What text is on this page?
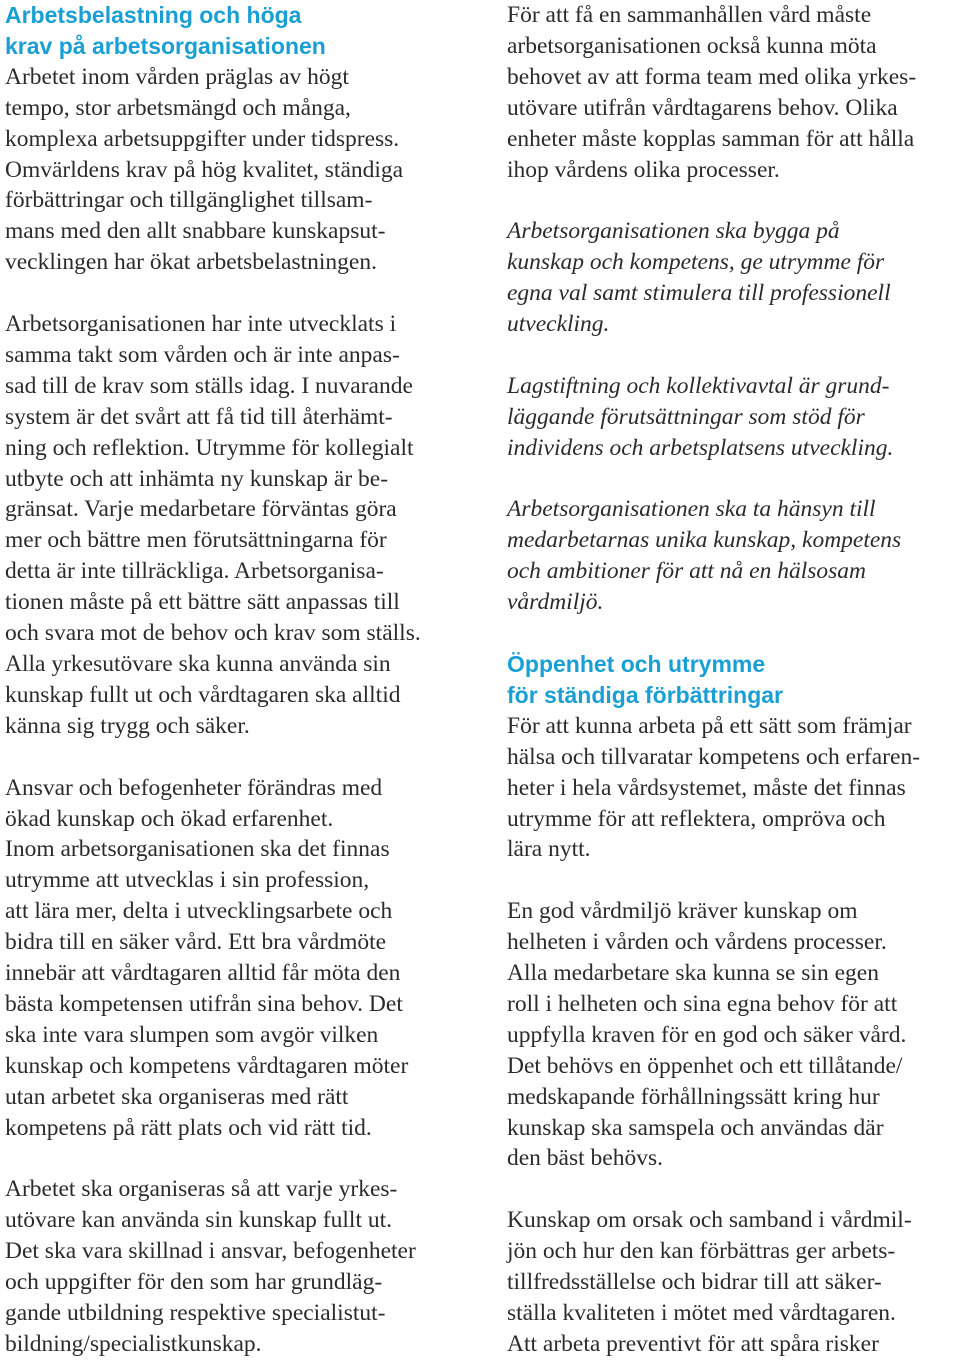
Arbetsbelastning och höga
krav på arbetsorganisationen
Arbetet inom vården präglas av högt
tempo, stor arbetsmängd och många,
komplexa arbetsuppgifter under tidspress.
Omvärldens krav på hög kvalitet, ständiga
förbättringar och tillgänglighet tillsam-
mans med den allt snabbare kunskapsut-
vecklingen har ökat arbetsbelastningen.
Arbetsorganisationen har inte utvecklats i
samma takt som vården och är inte anpas-
sad till de krav som ställs idag. I nuvarande
system är det svårt att få tid till återhämt-
ning och reflektion. Utrymme för kollegialt
utbyte och att inhämta ny kunskap är be-
gränsat. Varje medarbetare förväntas göra
mer och bättre men förutsättningarna för
detta är inte tillräckliga. Arbetsorganisa-
tionen måste på ett bättre sätt anpassas till
och svara mot de behov och krav som ställs.
Alla yrkesutövare ska kunna använda sin
kunskap fullt ut och vårdtagaren ska alltid
känna sig trygg och säker.
Ansvar och befogenheter förändras med
ökad kunskap och ökad erfarenhet.
Inom arbetsorganisationen ska det finnas
utrymme att utvecklas i sin profession,
att lära mer, delta i utvecklingsarbete och
bidra till en säker vård. Ett bra vårdmöte
innebär att vårdtagaren alltid får möta den
bästa kompetensen utifrån sina behov. Det
ska inte vara slumpen som avgör vilken
kunskap och kompetens vårdtagaren möter
utan arbetet ska organiseras med rätt
kompetens på rätt plats och vid rätt tid.
Arbetet ska organiseras så att varje yrkes-
utövare kan använda sin kunskap fullt ut.
Det ska vara skillnad i ansvar, befogenheter
och uppgifter för den som har grundläg-
gande utbildning respektive specialistut-
bildning/specialistkunskap.
För att få en sammanhållen vård måste
arbetsorganisationen också kunna möta
behovet av att forma team med olika yrkes-
utövare utifrån vårdtagarens behov. Olika
enheter måste kopplas samman för att hålla
ihop vårdens olika processer.
Arbetsorganisationen ska bygga på
kunskap och kompetens, ge utrymme för
egna val samt stimulera till professionell
utveckling.
Lagstiftning och kollektivavtal är grund-
läggande förutsättningar som stöd för
individens och arbetsplatsens utveckling.
Arbetsorganisationen ska ta hänsyn till
medarbetarnas unika kunskap, kompetens
och ambitioner för att nå en hälsosam
vårdmiljö.
Öppenhet och utrymme
för ständiga förbättringar
För att kunna arbeta på ett sätt som främjar
hälsa och tillvaratar kompetens och erfaren-
heter i hela vårdsystemet, måste det finnas
utrymme för att reflektera, ompröva och
lära nytt.
En god vårdmiljö kräver kunskap om
helheten i vården och vårdens processer.
Alla medarbetare ska kunna se sin egen
roll i helheten och sina egna behov för att
uppfylla kraven för en god och säker vård.
Det behövs en öppenhet och ett tillåtande/
medskapande förhållningssätt kring hur
kunskap ska samspela och användas där
den bäst behövs.
Kunskap om orsak och samband i vårdmil-
jön och hur den kan förbättras ger arbets-
tillfredsställelse och bidrar till att säker-
ställa kvaliteten i mötet med vårdtagaren.
Att arbeta preventivt för att spåra risker
